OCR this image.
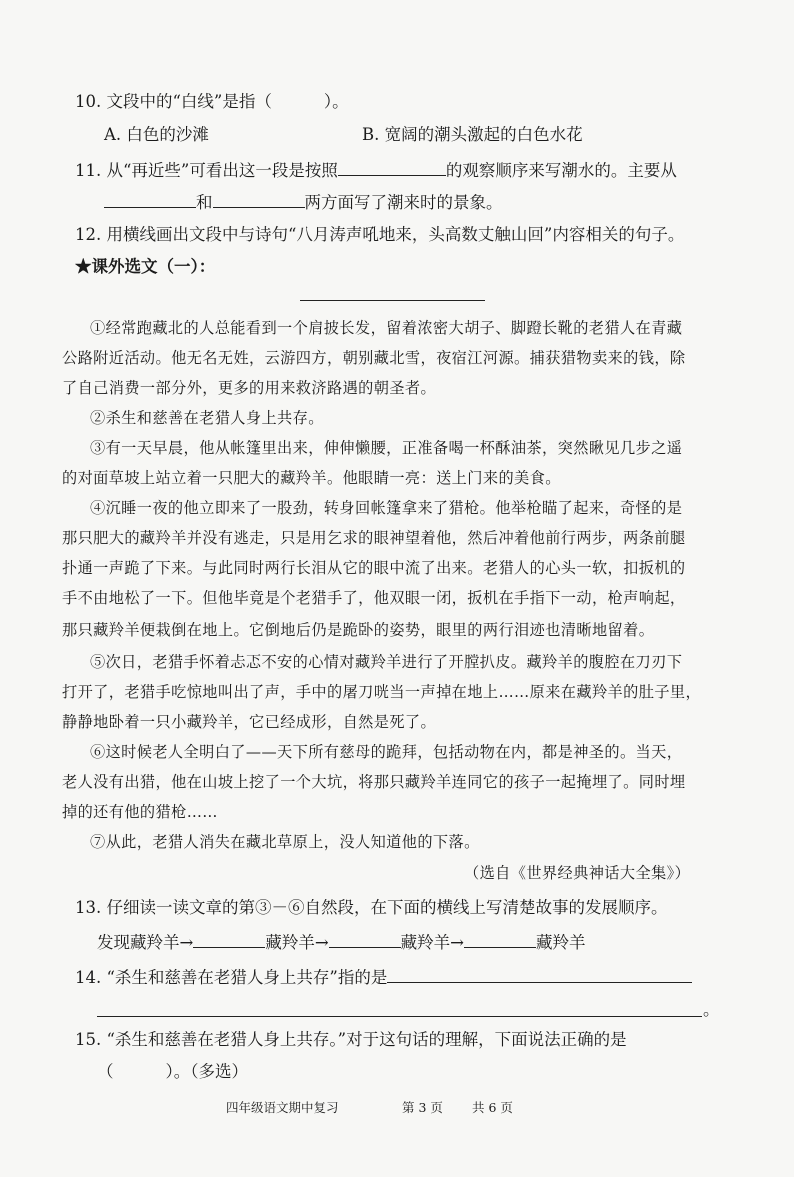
10. 文段中的“白线”是指（	）。
A. 白色的沙滩	B. 宽阔的潮头激起的白色水花
11. 从“再近些”可看出这一段是按照	的观察顺序来写潮水的。主要从
和	两方面写了潮来时的景象。
12. 用横线画出文段中与诗句“八月涛声吼地来，头高数丈触山回”内容相关的句子。
★课外选文（一）：
①经常跑藏北的人总能看到一个肩披长发，留着浓密大胡子、脚蹬长靴的老猎人在青藏
公路附近活动。他无名无姓，云游四方，朝别藏北雪，夜宿江河源。捕获猎物卖来的钱，除
了自己消费一部分外，更多的用来救济路遇的朝圣者。
②杀生和慈善在老猎人身上共存。
③有一天早晨，他从帐篷里出来，伸伸懒腰，正准备喝一杯酥油茶，突然瞅见几步之遥
的对面草坡上站立着一只肥大的藏羚羊。他眼睛一亮：送上门来的美食。
④沉睡一夜的他立即来了一股劲，转身回帐篷拿来了猎枪。他举枪瞄了起来，奇怪的是
那只肥大的藏羚羊并没有逃走，只是用乞求的眼神望着他，然后冲着他前行两步，两条前腿
扑通一声跪了下来。与此同时两行长泪从它的眼中流了出来。老猎人的心头一软，扣扳机的
手不由地松了一下。但他毕竟是个老猎手了，他双眼一闭，扳机在手指下一动，枪声响起，
那只藏羚羊便栽倒在地上。它倒地后仍是跪卧的姿势，眼里的两行泪迹也清晰地留着。
⑤次日，老猎手怀着忐忑不安的心情对藏羚羊进行了开膛扒皮。藏羚羊的腹腔在刀刃下
打开了，老猎手吃惊地叫出了声，手中的屠刀咣当一声掉在地上……原来在藏羚羊的肚子里，
静静地卧着一只小藏羚羊，它已经成形，自然是死了。
⑥这时候老人全明白了——天下所有慈母的跪拜，包括动物在内，都是神圣的。当天，
老人没有出猎，他在山坡上挖了一个大坑，将那只藏羚羊连同它的孩子一起掩埋了。同时埋
掉的还有他的猎枪……
⑦从此，老猎人消失在藏北草原上，没人知道他的下落。
（选自《世界经典神话大全集》）
13. 仔细读一读文章的第③－⑥自然段，在下面的横线上写清楚故事的发展顺序。
发现藏羚羊→	藏羚羊→	藏羚羊→	藏羚羊
14. “杀生和慈善在老猎人身上共存”指的是
。
15. “杀生和慈善在老猎人身上共存。”对于这句话的理解，下面说法正确的是
（	）。（多选）
四年级语文期中复习	第 3 页 共 6 页
